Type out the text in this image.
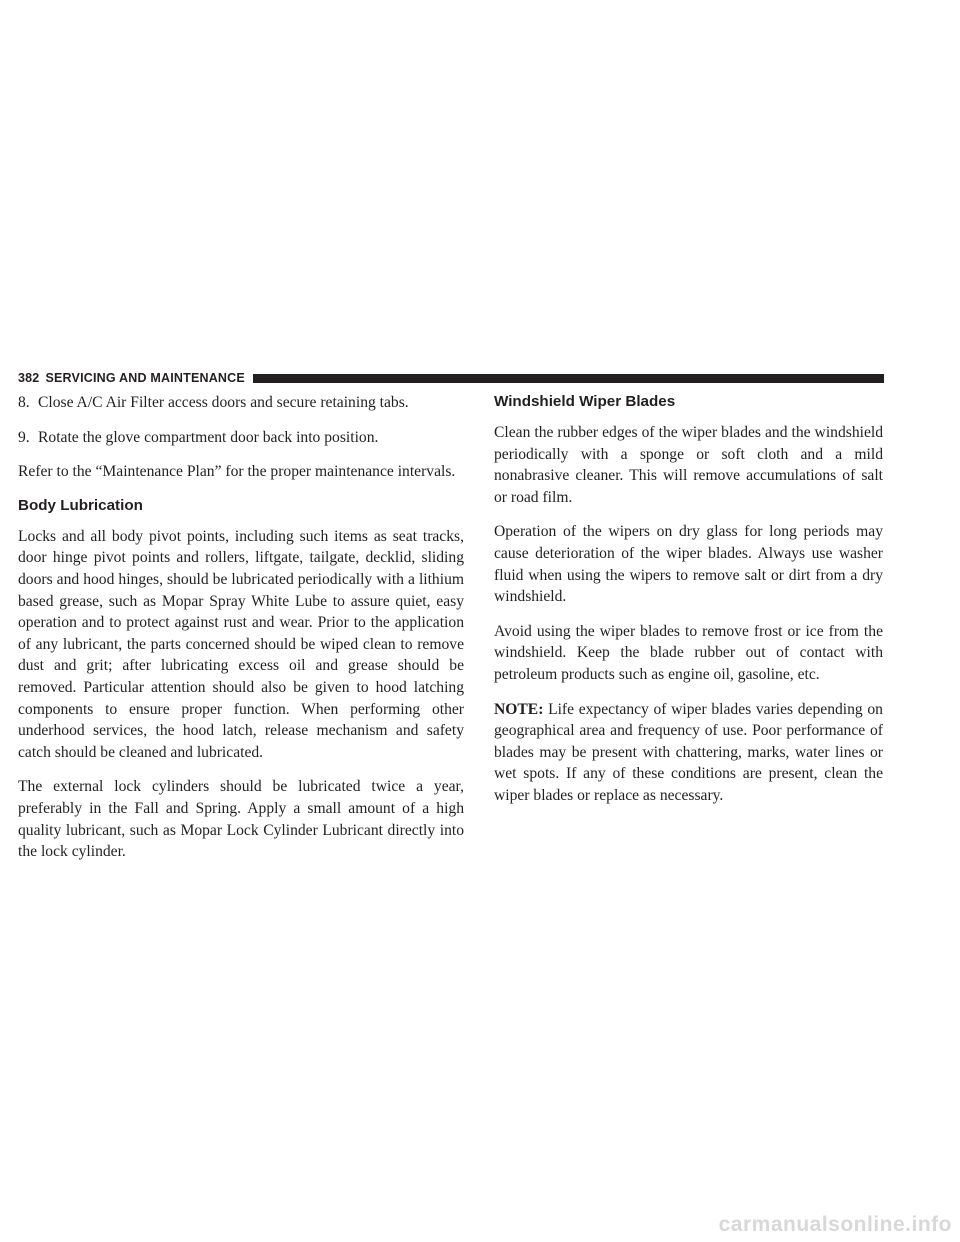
382 SERVICING AND MAINTENANCE
8. Close A/C Air Filter access doors and secure retaining tabs.
9. Rotate the glove compartment door back into position.

Refer to the “Maintenance Plan” for the proper maintenance intervals.

Body Lubrication

Locks and all body pivot points, including such items as seat tracks, door hinge pivot points and rollers, liftgate, tailgate, decklid, sliding doors and hood hinges, should be lubricated periodically with a lithium based grease, such as Mopar Spray White Lube to assure quiet, easy operation and to protect against rust and wear. Prior to the application of any lubricant, the parts concerned should be wiped clean to remove dust and grit; after lubricating excess oil and grease should be removed. Particular attention should also be given to hood latching components to ensure proper function. When performing other underhood services, the hood latch, release mechanism and safety catch should be cleaned and lubricated.

The external lock cylinders should be lubricated twice a year, preferably in the Fall and Spring. Apply a small amount of a high quality lubricant, such as Mopar Lock Cylinder Lubricant directly into the lock cylinder.

Windshield Wiper Blades

Clean the rubber edges of the wiper blades and the windshield periodically with a sponge or soft cloth and a mild nonabrasive cleaner. This will remove accumulations of salt or road film.

Operation of the wipers on dry glass for long periods may cause deterioration of the wiper blades. Always use washer fluid when using the wipers to remove salt or dirt from a dry windshield.

Avoid using the wiper blades to remove frost or ice from the windshield. Keep the blade rubber out of contact with petroleum products such as engine oil, gasoline, etc.

NOTE: Life expectancy of wiper blades varies depending on geographical area and frequency of use. Poor performance of blades may be present with chattering, marks, water lines or wet spots. If any of these conditions are present, clean the wiper blades or replace as necessary.

carmanualsonline.info
